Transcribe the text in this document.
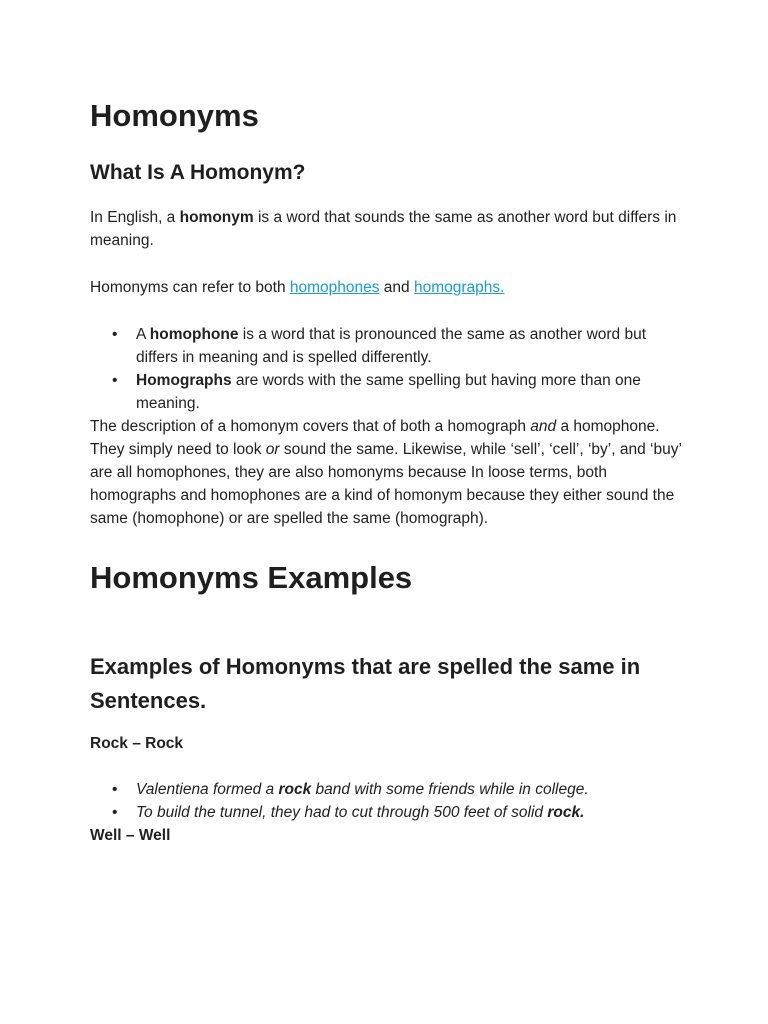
Homonyms
What Is A Homonym?

In English, a homonym is a word that sounds the same as another word but differs in meaning.

Homonyms can refer to both homophones and homographs.

• A homophone is a word that is pronounced the same as another word but differs in meaning and is spelled differently.
• Homographs are words with the same spelling but having more than one meaning.

The description of a homonym covers that of both a homograph and a homophone. They simply need to look or sound the same. Likewise, while ‘sell’, ‘cell’, ‘by’, and ‘buy’ are all homophones, they are also homonyms because In loose terms, both homographs and homophones are a kind of homonym because they either sound the same (homophone) or are spelled the same (homograph).

Homonyms Examples
Examples of Homonyms that are spelled the same in Sentences.

Rock – Rock

• Valentiena formed a rock band with some friends while in college.
• To build the tunnel, they had to cut through 500 feet of solid rock.

Well – Well
